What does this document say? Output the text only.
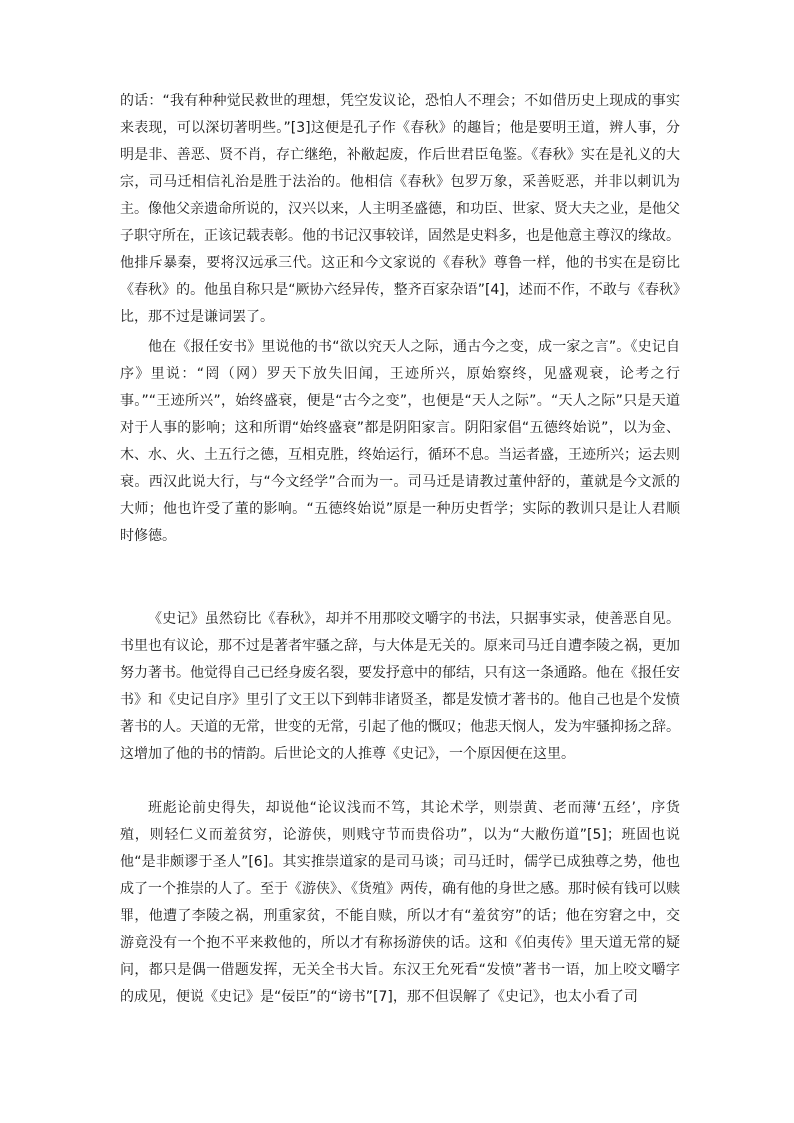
的话：“我有种种觉民救世的理想，凭空发议论，恐怕人不理会；不如借历史上现成的事实来表现，可以深切著明些。”[3]这便是孔子作《春秋》的趣旨；他是要明王道，辨人事，分明是非、善恶、贤不肖，存亡继绝，补敝起废，作后世君臣龟鉴。《春秋》实在是礼义的大宗，司马迁相信礼治是胜于法治的。他相信《春秋》包罗万象，采善贬恶，并非以刺讥为主。像他父亲遗命所说的，汉兴以来，人主明圣盛德，和功臣、世家、贤大夫之业，是他父子职守所在，正该记载表彰。他的书记汉事较详，固然是史料多，也是他意主尊汉的缘故。他排斥暴秦，要将汉远承三代。这正和今文家说的《春秋》尊鲁一样，他的书实在是窃比《春秋》的。他虽自称只是“厥协六经异传，整齐百家杂语”[4]，述而不作，不敢与《春秋》比，那不过是谦词罢了。

他在《报任安书》里说他的书“欲以究天人之际，通古今之变，成一家之言”。《史记自序》里说：“罔（网）罗天下放失旧闻，王迹所兴，原始察终，见盛观衰，论考之行事。”“王迹所兴”，始终盛衰，便是“古今之变”，也便是“天人之际”。“天人之际”只是天道对于人事的影响；这和所谓“始终盛衰”都是阴阳家言。阴阳家倡“五德终始说”，以为金、木、水、火、土五行之德，互相克胜，终始运行，循环不息。当运者盛，王迹所兴；运去则衰。西汉此说大行，与“今文经学”合而为一。司马迁是请教过董仲舒的，董就是今文派的大师；他也许受了董的影响。“五德终始说”原是一种历史哲学；实际的教训只是让人君顺时修德。

《史记》虽然窃比《春秋》，却并不用那咬文嚼字的书法，只据事实录，使善恶自见。书里也有议论，那不过是著者牢骚之辞，与大体是无关的。原来司马迁自遭李陵之祸，更加努力著书。他觉得自己已经身废名裂，要发抒意中的郁结，只有这一条通路。他在《报任安书》和《史记自序》里引了文王以下到韩非诸贤圣，都是发愤才著书的。他自己也是个发愤著书的人。天道的无常，世变的无常，引起了他的慨叹；他悲天悯人，发为牢骚抑扬之辞。这增加了他的书的情韵。后世论文的人推尊《史记》，一个原因便在这里。

班彪论前史得失，却说他“论议浅而不笃，其论术学，则崇黄、老而薄‘五经’，序货殖，则轻仁义而羞贫穷，论游侠，则贱守节而贵俗功”，以为“大敝伤道”[5]；班固也说他“是非颇谬于圣人”[6]。其实推崇道家的是司马谈；司马迁时，儒学已成独尊之势，他也成了一个推崇的人了。至于《游侠》、《货殖》两传，确有他的身世之感。那时候有钱可以赎罪，他遭了李陵之祸，刑重家贫，不能自赎，所以才有“羞贫穷”的话；他在穷窘之中，交游竟没有一个抱不平来救他的，所以才有称扬游侠的话。这和《伯夷传》里天道无常的疑问，都只是偶一借题发挥，无关全书大旨。东汉王允死看“发愤”著书一语，加上咬文嚼字的成见，便说《史记》是“佞臣”的“谤书”[7]，那不但误解了《史记》，也太小看了司
